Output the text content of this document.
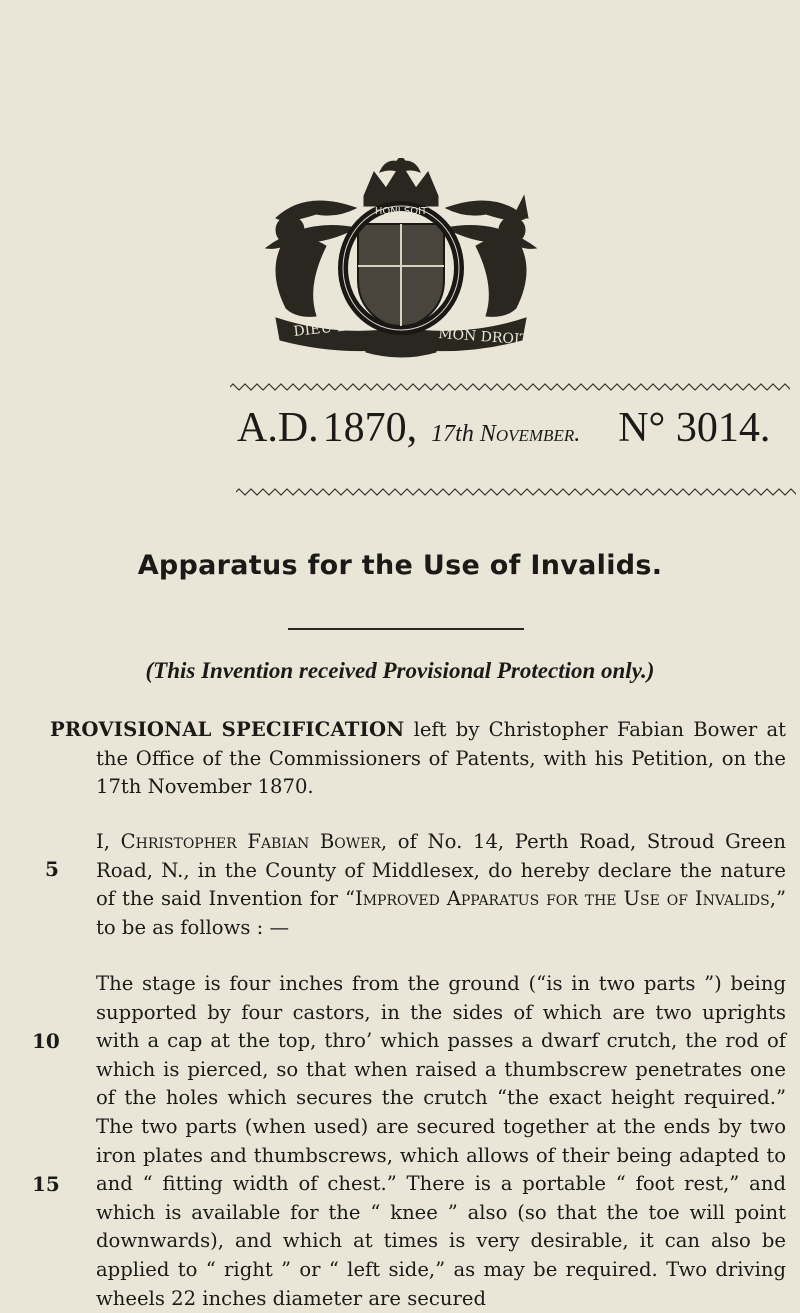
HONI SOIT
DIEU ET	MON DROIT
A.D. 1870, 17th November. N° 3014.
Apparatus for the Use of Invalids.
(This Invention received Provisional Protection only.)
PROVISIONAL SPECIFICATION left by Christopher Fabian Bower at the Office of the Commissioners of Patents, with his Petition, on the 17th November 1870.
I, Christopher Fabian Bower, of No. 14, Perth Road, Stroud Green Road, N., in the County of Middlesex, do hereby declare the nature of the said Invention for “Improved Apparatus for the Use of Invalids,” to be as follows : —
The stage is four inches from the ground (“is in two parts ”) being supported by four castors, in the sides of which are two uprights with a cap at the top, thro’ which passes a dwarf crutch, the rod of which is pierced, so that when raised a thumbscrew penetrates one of the holes which secures the crutch “the exact height required.” The two parts (when used) are secured together at the ends by two iron plates and thumbscrews, which allows of their being adapted to and “ fitting width of chest.” There is a portable “ foot rest,” and which is available for the “ knee ” also (so that the toe will point downwards), and which at times is very desirable, it can also be applied to “ right ” or “ left side,” as may be required. Two driving wheels 22 inches diameter are secured
5
10
15
